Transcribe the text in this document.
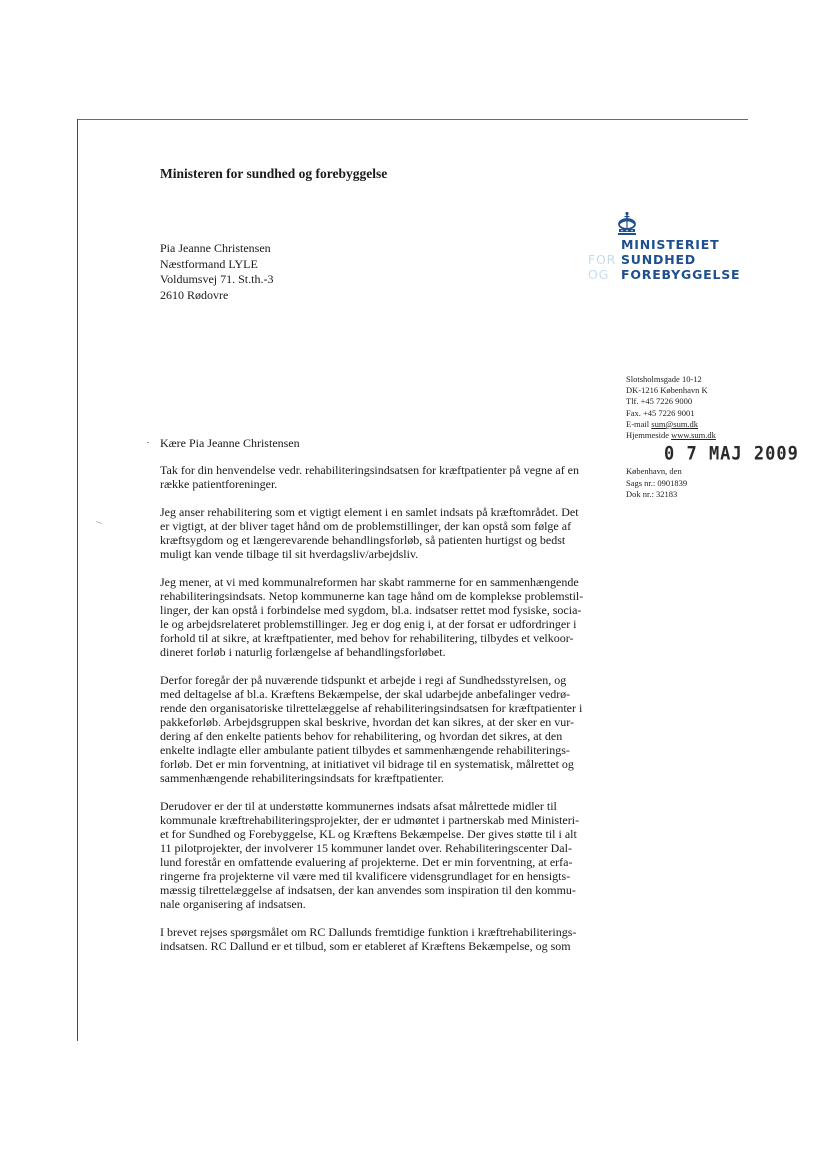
Ministeren for sundhed og forebyggelse
Pia Jeanne Christensen
Næstformand LYLE
Voldumsvej 71. St.th.-3
2610 Rødovre
MINISTERIET
FOR SUNDHED
OG FOREBYGGELSE
Slotsholmsgade 10-12
DK-1216 København K
Tlf. +45 7226 9000
Fax. +45 7226 9001
E-mail sum@sum.dk
Hjemmeside www.sum.dk
0 7 MAJ 2009
København, den
Sags nr.: 0901839
Dok nr.: 32183
Kære Pia Jeanne Christensen
Tak for din henvendelse vedr. rehabiliteringsindsatsen for kræftpatienter på vegne af en
række patientforeninger.
Jeg anser rehabilitering som et vigtigt element i en samlet indsats på kræftområdet. Det
er vigtigt, at der bliver taget hånd om de problemstillinger, der kan opstå som følge af
kræftsygdom og et længerevarende behandlingsforløb, så patienten hurtigst og bedst
muligt kan vende tilbage til sit hverdagsliv/arbejdsliv.
Jeg mener, at vi med kommunalreformen har skabt rammerne for en sammenhængende
rehabiliteringsindsats. Netop kommunerne kan tage hånd om de komplekse problemstil-
linger, der kan opstå i forbindelse med sygdom, bl.a. indsatser rettet mod fysiske, socia-
le og arbejdsrelateret problemstillinger. Jeg er dog enig i, at der forsat er udfordringer i
forhold til at sikre, at kræftpatienter, med behov for rehabilitering, tilbydes et velkoor-
dineret forløb i naturlig forlængelse af behandlingsforløbet.
Derfor foregår der på nuværende tidspunkt et arbejde i regi af Sundhedsstyrelsen, og
med deltagelse af bl.a. Kræftens Bekæmpelse, der skal udarbejde anbefalinger vedrø-
rende den organisatoriske tilrettelæggelse af rehabiliteringsindsatsen for kræftpatienter i
pakkeforløb. Arbejdsgruppen skal beskrive, hvordan det kan sikres, at der sker en vur-
dering af den enkelte patients behov for rehabilitering, og hvordan det sikres, at den
enkelte indlagte eller ambulante patient tilbydes et sammenhængende rehabiliterings-
forløb. Det er min forventning, at initiativet vil bidrage til en systematisk, målrettet og
sammenhængende rehabiliteringsindsats for kræftpatienter.
Derudover er der til at understøtte kommunernes indsats afsat målrettede midler til
kommunale kræftrehabiliteringsprojekter, der er udmøntet i partnerskab med Ministeri-
et for Sundhed og Forebyggelse, KL og Kræftens Bekæmpelse. Der gives støtte til i alt
11 pilotprojekter, der involverer 15 kommuner landet over. Rehabiliteringscenter Dal-
lund forestår en omfattende evaluering af projekterne. Det er min forventning, at erfa-
ringerne fra projekterne vil være med til kvalificere vidensgrundlaget for en hensigts-
mæssig tilrettelæggelse af indsatsen, der kan anvendes som inspiration til den kommu-
nale organisering af indsatsen.
I brevet rejses spørgsmålet om RC Dallunds fremtidige funktion i kræftrehabiliterings-
indsatsen. RC Dallund er et tilbud, som er etableret af Kræftens Bekæmpelse, og som
